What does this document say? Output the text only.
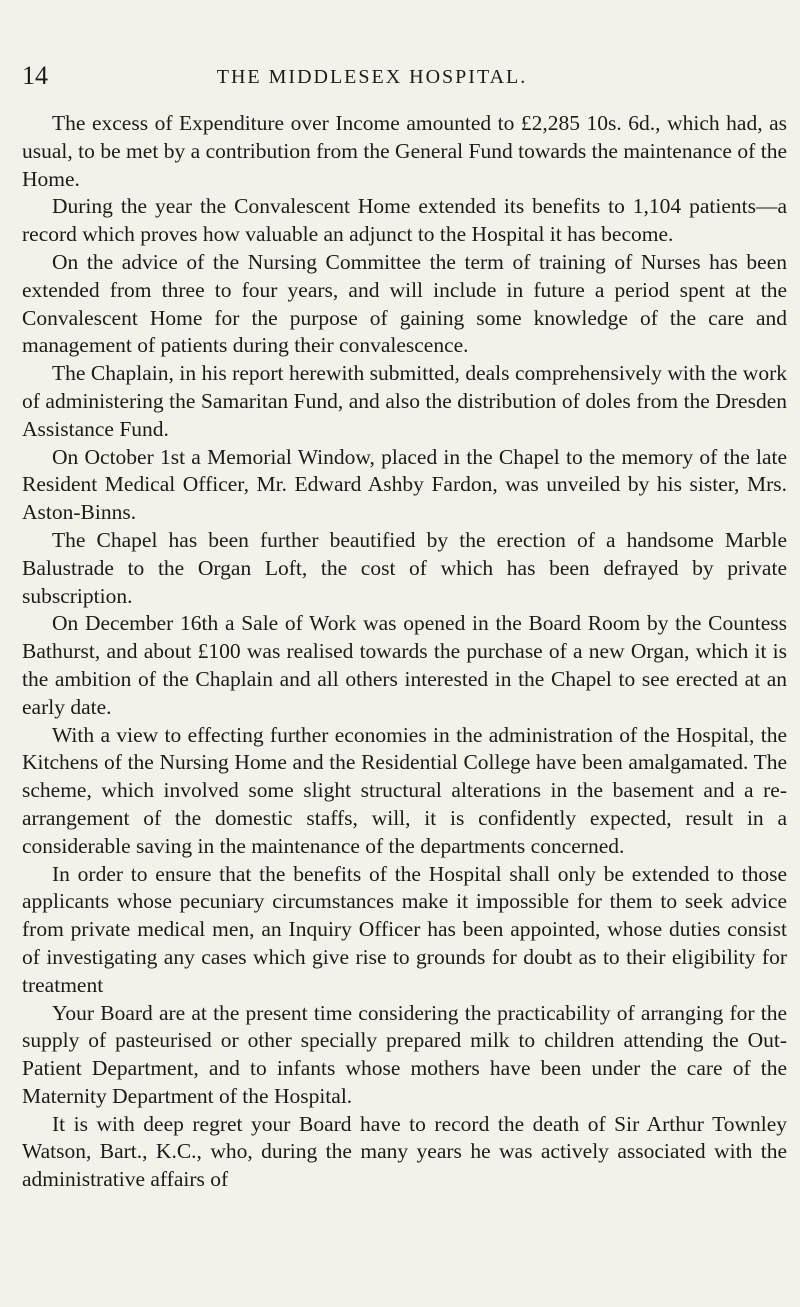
14	THE MIDDLESEX HOSPITAL.

The excess of Expenditure over Income amounted to £2,285 10s. 6d., which had, as usual, to be met by a contribution from the General Fund towards the maintenance of the Home.

During the year the Convalescent Home extended its benefits to 1,104 patients—a record which proves how valuable an adjunct to the Hospital it has become.

On the advice of the Nursing Committee the term of training of Nurses has been extended from three to four years, and will include in future a period spent at the Convalescent Home for the purpose of gaining some knowledge of the care and management of patients during their convalescence.

The Chaplain, in his report herewith submitted, deals comprehensively with the work of administering the Samaritan Fund, and also the distribution of doles from the Dresden Assistance Fund.

On October 1st a Memorial Window, placed in the Chapel to the memory of the late Resident Medical Officer, Mr. Edward Ashby Fardon, was unveiled by his sister, Mrs. Aston-Binns.

The Chapel has been further beautified by the erection of a handsome Marble Balustrade to the Organ Loft, the cost of which has been defrayed by private subscription.

On December 16th a Sale of Work was opened in the Board Room by the Countess Bathurst, and about £100 was realised towards the purchase of a new Organ, which it is the ambition of the Chaplain and all others interested in the Chapel to see erected at an early date.

With a view to effecting further economies in the administration of the Hospital, the Kitchens of the Nursing Home and the Residential College have been amalgamated. The scheme, which involved some slight structural alterations in the basement and a re-arrangement of the domestic staffs, will, it is confidently expected, result in a considerable saving in the maintenance of the departments concerned.

In order to ensure that the benefits of the Hospital shall only be extended to those applicants whose pecuniary circumstances make it impossible for them to seek advice from private medical men, an Inquiry Officer has been appointed, whose duties consist of investigating any cases which give rise to grounds for doubt as to their eligibility for treatment

Your Board are at the present time considering the practicability of arranging for the supply of pasteurised or other specially prepared milk to children attending the Out-Patient Department, and to infants whose mothers have been under the care of the Maternity Department of the Hospital.

It is with deep regret your Board have to record the death of Sir Arthur Townley Watson, Bart., K.C., who, during the many years he was actively associated with the administrative affairs of
